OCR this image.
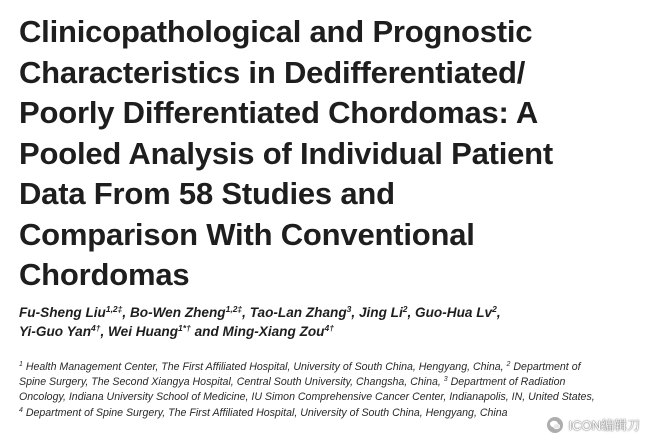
Clinicopathological and Prognostic
Characteristics in Dedifferentiated/
Poorly Differentiated Chordomas: A
Pooled Analysis of Individual Patient
Data From 58 Studies and
Comparison With Conventional
Chordomas
Fu-Sheng Liu$^{1,2\ddagger}$, Bo-Wen Zheng$^{1,2\ddagger}$, Tao-Lan Zhang$^3$, Jing Li$^2$, Guo-Hua Lv$^2$,
Yi-Guo Yan$^{4\dagger}$, Wei Huang$^{1*\dagger}$ and Ming-Xiang Zou$^{4\dagger}$
$^1$ Health Management Center, The First Affiliated Hospital, University of South China, Hengyang, China, $^2$ Department of
Spine Surgery, The Second Xiangya Hospital, Central South University, Changsha, China, $^3$ Department of Radiation
Oncology, Indiana University School of Medicine, IU Simon Comprehensive Cancer Center, Indianapolis, IN, United States,
$^4$ Department of Spine Surgery, The First Affiliated Hospital, University of South China, Hengyang, China
ICON编辑刀
